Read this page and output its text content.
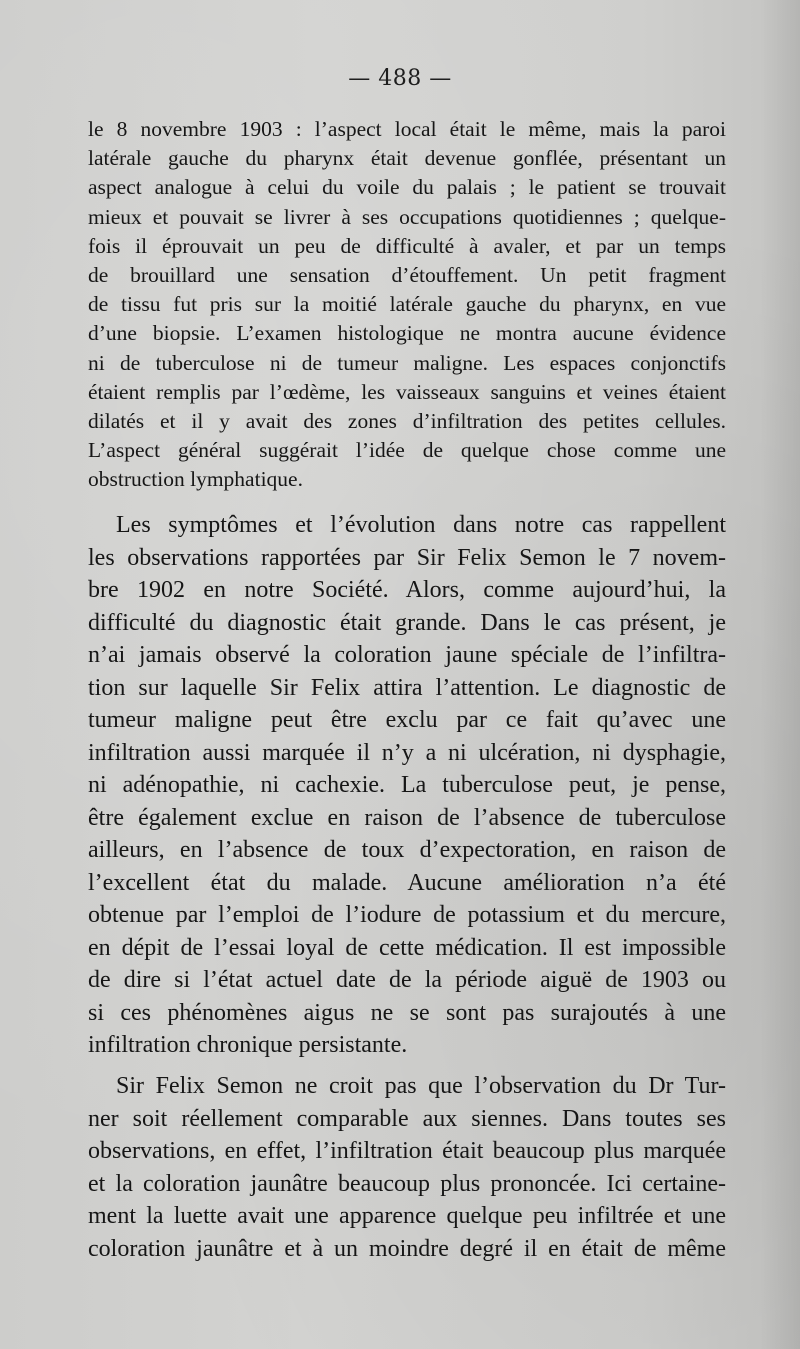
— 488 —
le 8 novembre 1903 : l’aspect local était le même, mais la paroi
latérale gauche du pharynx était devenue gonflée, présentant un
aspect analogue à celui du voile du palais ; le patient se trouvait
mieux et pouvait se livrer à ses occupations quotidiennes ; quelque-
fois il éprouvait un peu de difficulté à avaler, et par un temps
de brouillard une sensation d’étouffement. Un petit fragment
de tissu fut pris sur la moitié latérale gauche du pharynx, en vue
d’une biopsie. L’examen histologique ne montra aucune évidence
ni de tuberculose ni de tumeur maligne. Les espaces conjonctifs
étaient remplis par l’œdème, les vaisseaux sanguins et veines étaient
dilatés et il y avait des zones d’infiltration des petites cellules.
L’aspect général suggérait l’idée de quelque chose comme une
obstruction lymphatique.
Les symptômes et l’évolution dans notre cas rappellent
les observations rapportées par Sir Felix Semon le 7 novem-
bre 1902 en notre Société. Alors, comme aujourd’hui, la
difficulté du diagnostic était grande. Dans le cas présent, je
n’ai jamais observé la coloration jaune spéciale de l’infiltra-
tion sur laquelle Sir Felix attira l’attention. Le diagnostic de
tumeur maligne peut être exclu par ce fait qu’avec une
infiltration aussi marquée il n’y a ni ulcération, ni dysphagie,
ni adénopathie, ni cachexie. La tuberculose peut, je pense,
être également exclue en raison de l’absence de tuberculose
ailleurs, en l’absence de toux d’expectoration, en raison de
l’excellent état du malade. Aucune amélioration n’a été
obtenue par l’emploi de l’iodure de potassium et du mercure,
en dépit de l’essai loyal de cette médication. Il est impossible
de dire si l’état actuel date de la période aiguë de 1903 ou
si ces phénomènes aigus ne se sont pas surajoutés à une
infiltration chronique persistante.
Sir Felix Semon ne croit pas que l’observation du Dr Tur-
ner soit réellement comparable aux siennes. Dans toutes ses
observations, en effet, l’infiltration était beaucoup plus marquée
et la coloration jaunâtre beaucoup plus prononcée. Ici certaine-
ment la luette avait une apparence quelque peu infiltrée et une
coloration jaunâtre et à un moindre degré il en était de même
